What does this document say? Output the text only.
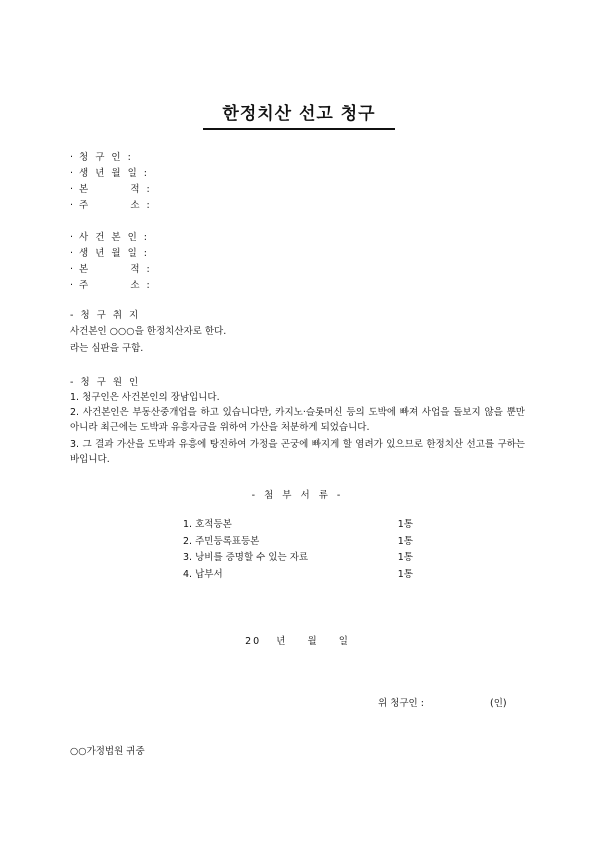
한정치산 선고 청구
· 청 구 인 :
· 생 년 월 일 :
· 본        적 :
· 주        소 :
· 사 건 본 인 :
· 생 년 월 일 :
· 본        적 :
· 주        소 :
- 청 구 취 지
사건본인 ○○○을 한정치산자로 한다.
라는 심판을 구함.
- 청 구 원 인
1. 청구인은 사건본인의 장남입니다.
2. 사건본인은 부동산중개업을 하고 있습니다만, 카지노·슬롯머신 등의 도박에 빠져 사업을 돌보지 않을 뿐만 아니라 최근에는 도박과 유흥자금을 위하여 가산을 처분하게 되었습니다.
3. 그 결과 가산을 도박과 유흥에 탕진하여 가정을 곤궁에 빠지게 할 염려가 있으므로 한정치산 선고를 구하는 바입니다.
- 첨 부 서 류 -
1. 호적등본	1통
2. 주민등록표등본	1통
3. 낭비를 증명할 수 있는 자료	1통
4. 납부서	1통
20   년    월    일
위 청구인 :	(인)
○○가정법원 귀중
